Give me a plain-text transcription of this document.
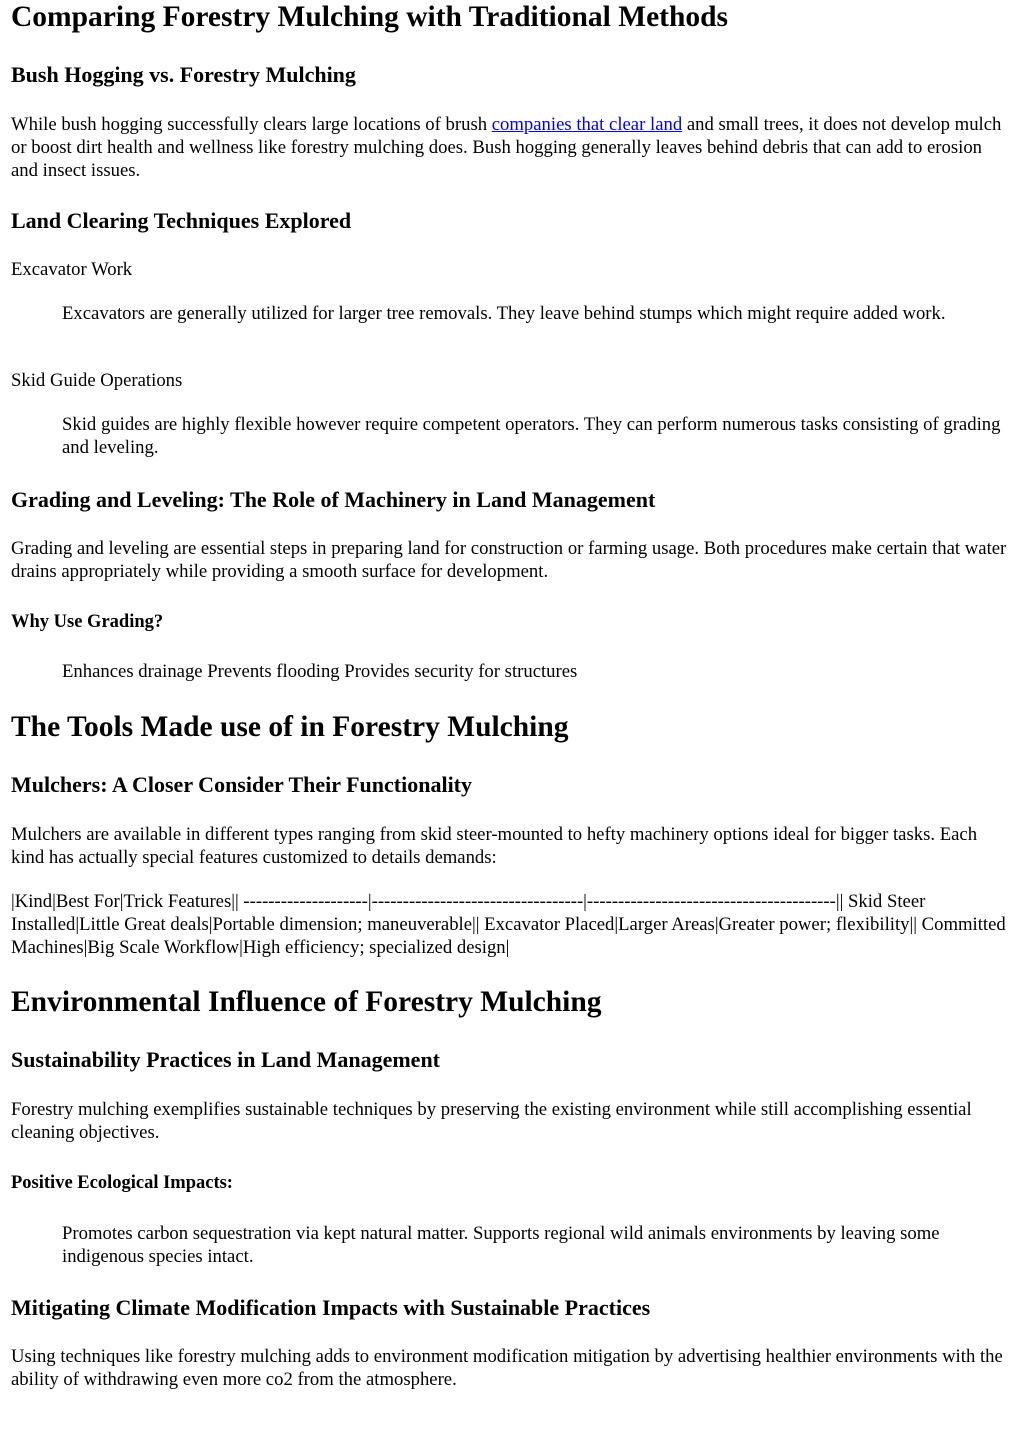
Comparing Forestry Mulching with Traditional Methods
Bush Hogging vs. Forestry Mulching

While bush hogging successfully clears large locations of brush companies that clear land and small trees, it does not develop mulch or boost dirt health and wellness like forestry mulching does. Bush hogging generally leaves behind debris that can add to erosion and insect issues.

Land Clearing Techniques Explored

Excavator Work

Excavators are generally utilized for larger tree removals. They leave behind stumps which might require added work.

Skid Guide Operations

Skid guides are highly flexible however require competent operators. They can perform numerous tasks consisting of grading and leveling.

Grading and Leveling: The Role of Machinery in Land Management

Grading and leveling are essential steps in preparing land for construction or farming usage. Both procedures make certain that water drains appropriately while providing a smooth surface for development.

Why Use Grading?

Enhances drainage Prevents flooding Provides security for structures

The Tools Made use of in Forestry Mulching
Mulchers: A Closer Consider Their Functionality

Mulchers are available in different types ranging from skid steer-mounted to hefty machinery options ideal for bigger tasks. Each kind has actually special features customized to details demands:

|Kind|Best For|Trick Features|| --------------------|----------------------------------|----------------------------------------|| Skid Steer Installed|Little Great deals|Portable dimension; maneuverable|| Excavator Placed|Larger Areas|Greater power; flexibility|| Committed Machines|Big Scale Workflow|High efficiency; specialized design|

Environmental Influence of Forestry Mulching
Sustainability Practices in Land Management

Forestry mulching exemplifies sustainable techniques by preserving the existing environment while still accomplishing essential cleaning objectives.

Positive Ecological Impacts:

Promotes carbon sequestration via kept natural matter. Supports regional wild animals environments by leaving some indigenous species intact.

Mitigating Climate Modification Impacts with Sustainable Practices

Using techniques like forestry mulching adds to environment modification mitigation by advertising healthier environments with the ability of withdrawing even more co2 from the atmosphere.
